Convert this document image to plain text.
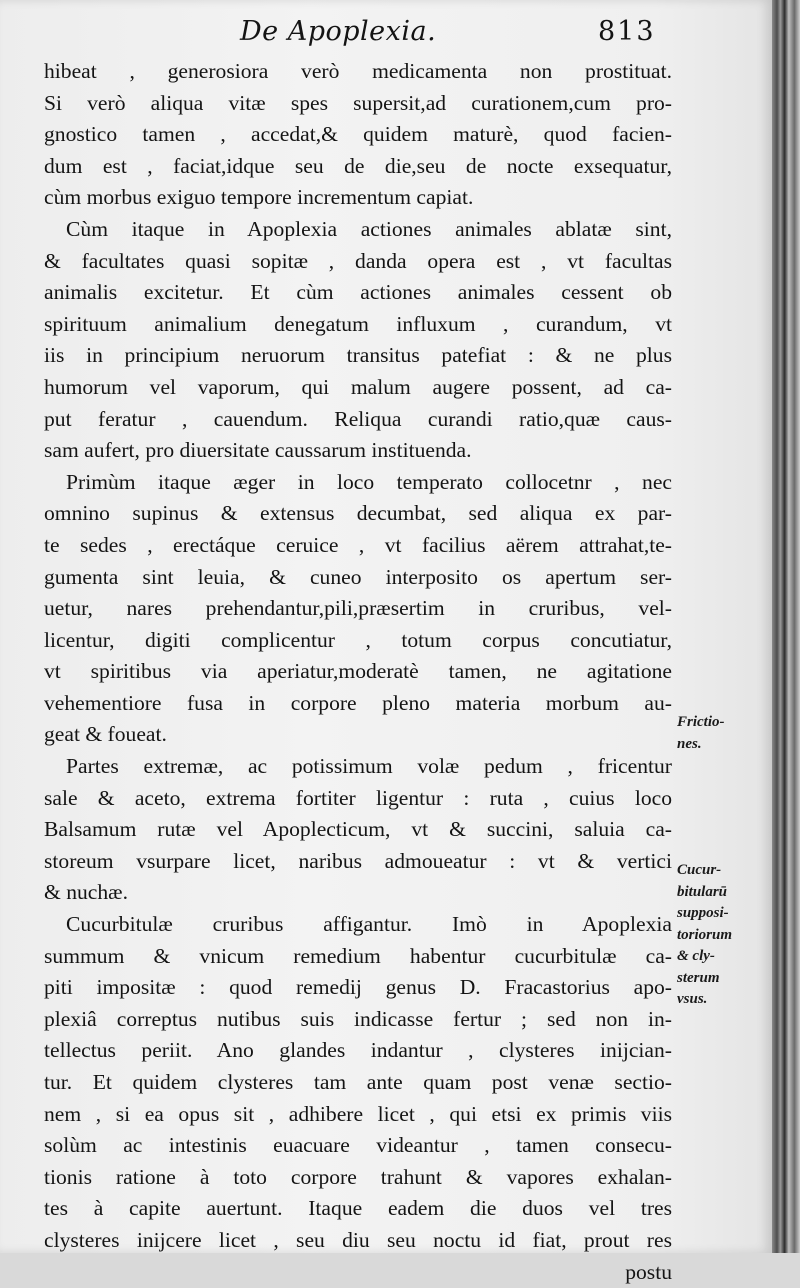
De Apoplexia.	813
hibeat , generosiora verò medicamenta non prostituat.
Si verò aliqua vitæ spes supersit,ad curationem,cum pro-
gnostico tamen , accedat,& quidem maturè, quod facien-
dum est , faciat,idque seu de die,seu de nocte exsequatur,
cùm morbus exiguo tempore incrementum capiat.
Cùm itaque in Apoplexia actiones animales ablatæ sint,
& facultates quasi sopitæ , danda opera est , vt facultas
animalis excitetur. Et cùm actiones animales cessent ob
spirituum animalium denegatum influxum , curandum, vt
iis in principium neruorum transitus patefiat : & ne plus
humorum vel vaporum, qui malum augere possent, ad ca-
put feratur , cauendum. Reliqua curandi ratio,quæ caus-
sam aufert, pro diuersitate caussarum instituenda.
Primùm itaque æger in loco temperato collocetnr , nec
omnino supinus & extensus decumbat, sed aliqua ex par-
te sedes , erectáque ceruice , vt facilius aërem attrahat,te-
gumenta sint leuia, & cuneo interposito os apertum ser-
uetur, nares prehendantur,pili,præsertim in cruribus, vel-
licentur, digiti complicentur , totum corpus concutiatur,
vt spiritibus via aperiatur,moderatè tamen, ne agitatione
vehementiore fusa in corpore pleno materia morbum au-
geat & foueat.
Partes extremæ, ac potissimum volæ pedum , fricentur
sale & aceto, extrema fortiter ligentur : ruta , cuius loco
Balsamum rutæ vel Apoplecticum, vt & succini, saluia ca-
storeum vsurpare licet, naribus admoueatur : vt & vertici
& nuchæ.
Cucurbitulæ cruribus affigantur. Imò in Apoplexia
summum & vnicum remedium habentur cucurbitulæ ca-
piti impositæ : quod remedij genus D. Fracastorius apo-
plexiâ correptus nutibus suis indicasse fertur ; sed non in-
tellectus periit. Ano glandes indantur , clysteres inijcian-
tur. Et quidem clysteres tam ante quam post venæ sectio-
nem , si ea opus sit , adhibere licet , qui etsi ex primis viis
solùm ac intestinis euacuare videantur , tamen consecu-
tionis ratione à toto corpore trahunt & vapores exhalan-
tes à capite auertunt. Itaque eadem die duos vel tres
clysteres inijcere licet , seu diu seu noctu id fiat, prout res
postu
Frictio-
nes.
Cucur-
bitularū
supposi-
toriorum
& cly-
sterum
vsus.
